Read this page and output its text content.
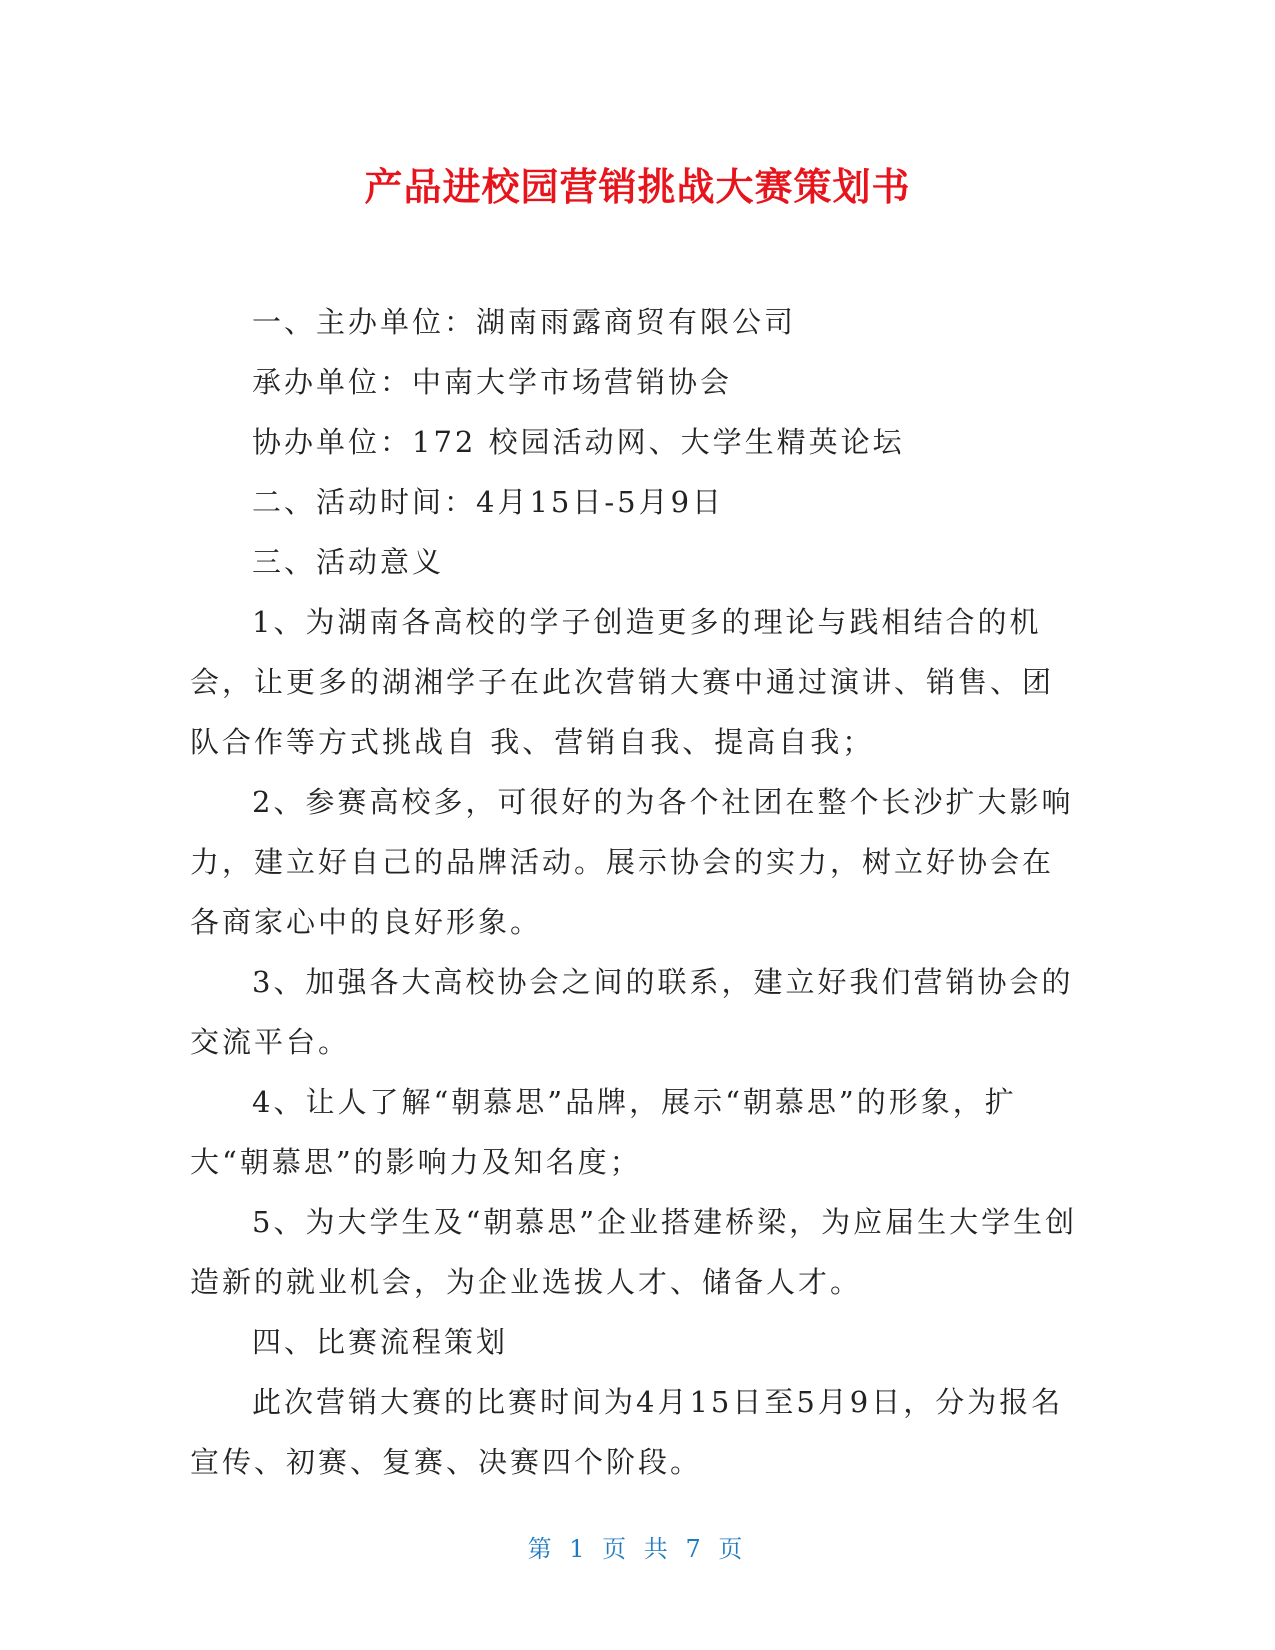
产品进校园营销挑战大赛策划书

一、主办单位：湖南雨露商贸有限公司

承办单位：中南大学市场营销协会

协办单位：172 校园活动网、大学生精英论坛

二、活动时间：4月15日-5月9日

三、活动意义

1、为湖南各高校的学子创造更多的理论与践相结合的机会，让更多的湖湘学子在此次营销大赛中通过演讲、销售、团队合作等方式挑战自 我、营销自我、提高自我；

2、参赛高校多，可很好的为各个社团在整个长沙扩大影响力，建立好自己的品牌活动。展示协会的实力，树立好协会在各商家心中的良好形象。

3、加强各大高校协会之间的联系，建立好我们营销协会的交流平台。

4、让人了解“朝慕思”品牌，展示“朝慕思”的形象，扩大“朝慕思”的影响力及知名度；

5、为大学生及“朝慕思”企业搭建桥梁，为应届生大学生创造新的就业机会，为企业选拔人才、储备人才。

四、比赛流程策划

此次营销大赛的比赛时间为4月15日至5月9日，分为报名宣传、初赛、复赛、决赛四个阶段。

第 1 页 共 7 页
